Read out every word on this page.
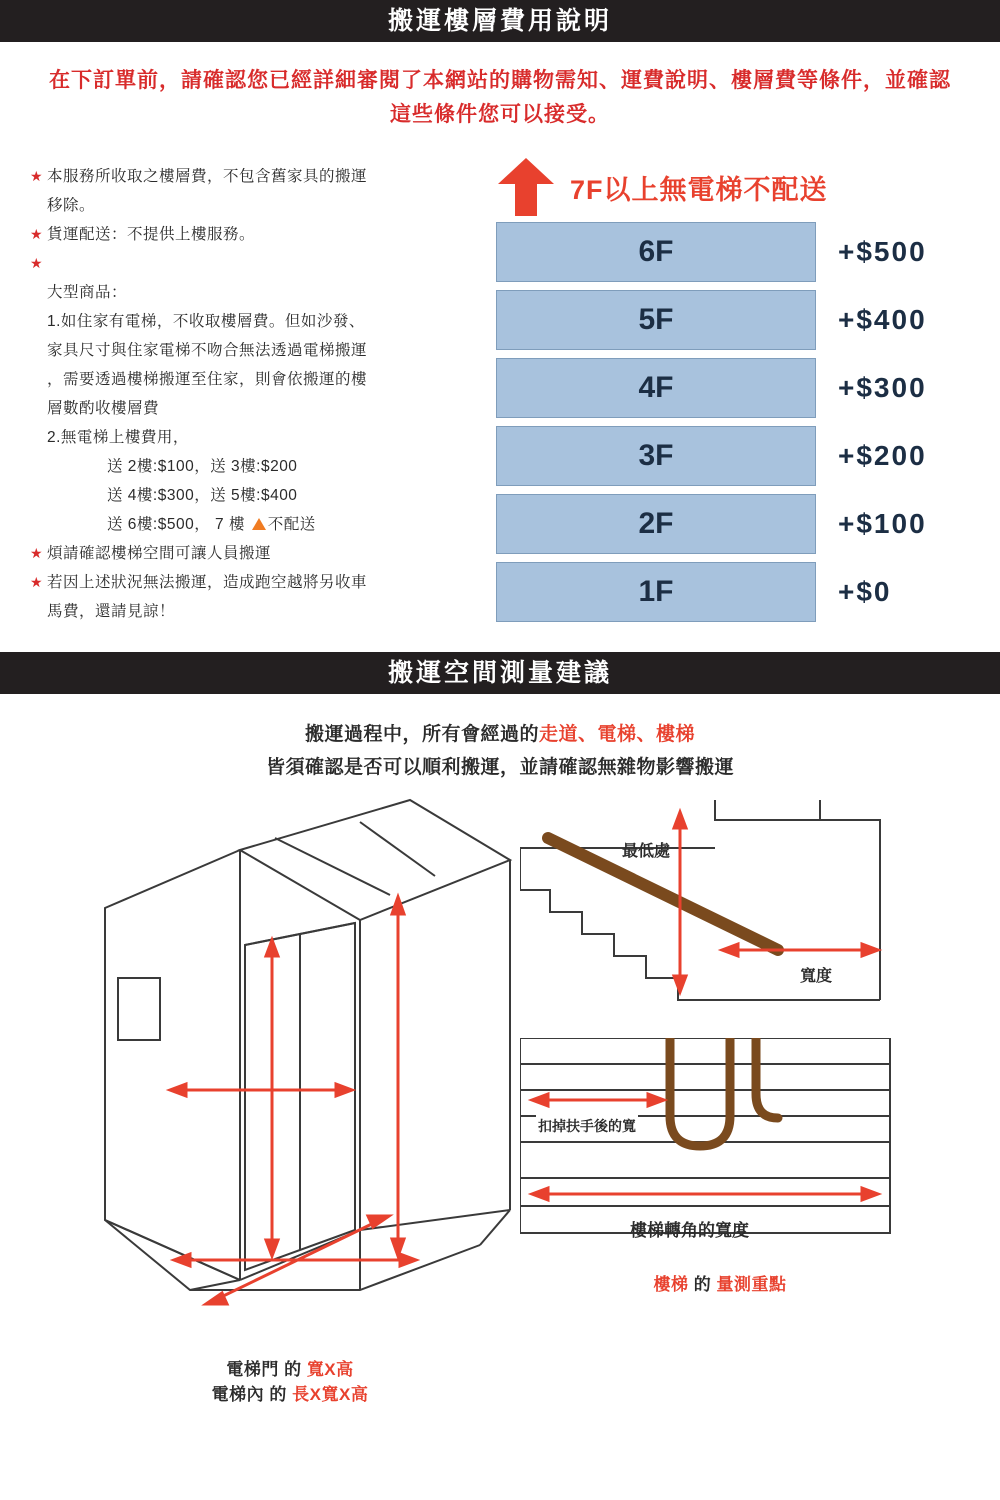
搬運樓層費用說明
在下訂單前，請確認您已經詳細審閱了本網站的購物需知、運費說明、樓層費等條件，並確認這些條件您可以接受。
★ 本服務所收取之樓層費，不包含舊家具的搬運
移除。
★ 貨運配送：不提供上樓服務。
★
大型商品：
1.如住家有電梯，不收取樓層費。但如沙發、
家具尺寸與住家電梯不吻合無法透過電梯搬運
，需要透過樓梯搬運至住家，則會依搬運的樓
層數酌收樓層費
2.無電梯上樓費用，
送 2樓:$100，送 3樓:$200
送 4樓:$300，送 5樓:$400
送 6樓:$500， 7 樓 不配送
★ 煩請確認樓梯空間可讓人員搬運
★ 若因上述狀況無法搬運，造成跑空越將另收車
馬費，還請見諒！
7F以上無電梯不配送
6F	+$500
5F	+$400
4F	+$300
3F	+$200
2F	+$100
1F	+$0
搬運空間測量建議
搬運過程中，所有會經過的走道、電梯、樓梯
皆須確認是否可以順利搬運，並請確認無雜物影響搬運
電梯門 的 寬X高
電梯內 的 長X寬X高
最低處
寬度
扣掉扶手後的寬
樓梯轉角的寬度
樓梯 的 量測重點
